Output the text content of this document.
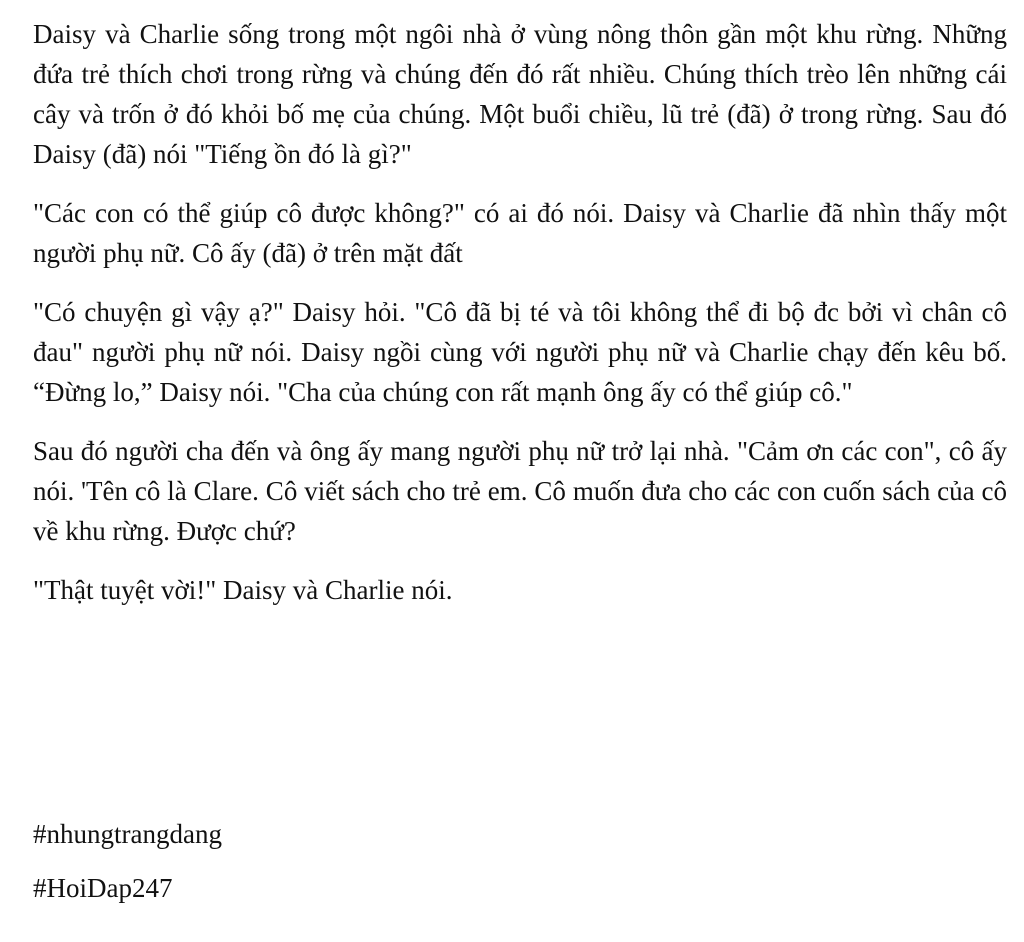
Daisy và Charlie sống trong một ngôi nhà ở vùng nông thôn gần một khu rừng. Những đứa trẻ thích chơi trong rừng và chúng đến đó rất nhiều. Chúng thích trèo lên những cái cây và trốn ở đó khỏi bố mẹ của chúng. Một buổi chiều, lũ trẻ (đã) ở trong rừng. Sau đó Daisy (đã) nói "Tiếng ồn đó là gì?"

"Các con có thể giúp cô được không?" có ai đó nói. Daisy và Charlie đã nhìn thấy một người phụ nữ. Cô ấy (đã) ở trên mặt đất

"Có chuyện gì vậy ạ?" Daisy hỏi. "Cô đã bị té và tôi không thể đi bộ đc bởi vì chân cô đau" người phụ nữ nói. Daisy ngồi cùng với người phụ nữ và Charlie chạy đến kêu bố. “Đừng lo,” Daisy nói. "Cha của chúng con rất mạnh ông ấy có thể giúp cô."

Sau đó người cha đến và ông ấy mang người phụ nữ trở lại nhà. "Cảm ơn các con", cô ấy nói. 'Tên cô là Clare. Cô viết sách cho trẻ em. Cô muốn đưa cho các con cuốn sách của cô về khu rừng. Được chứ?

"Thật tuyệt vời!" Daisy và Charlie nói.

#nhungtrangdang

#HoiDap247
